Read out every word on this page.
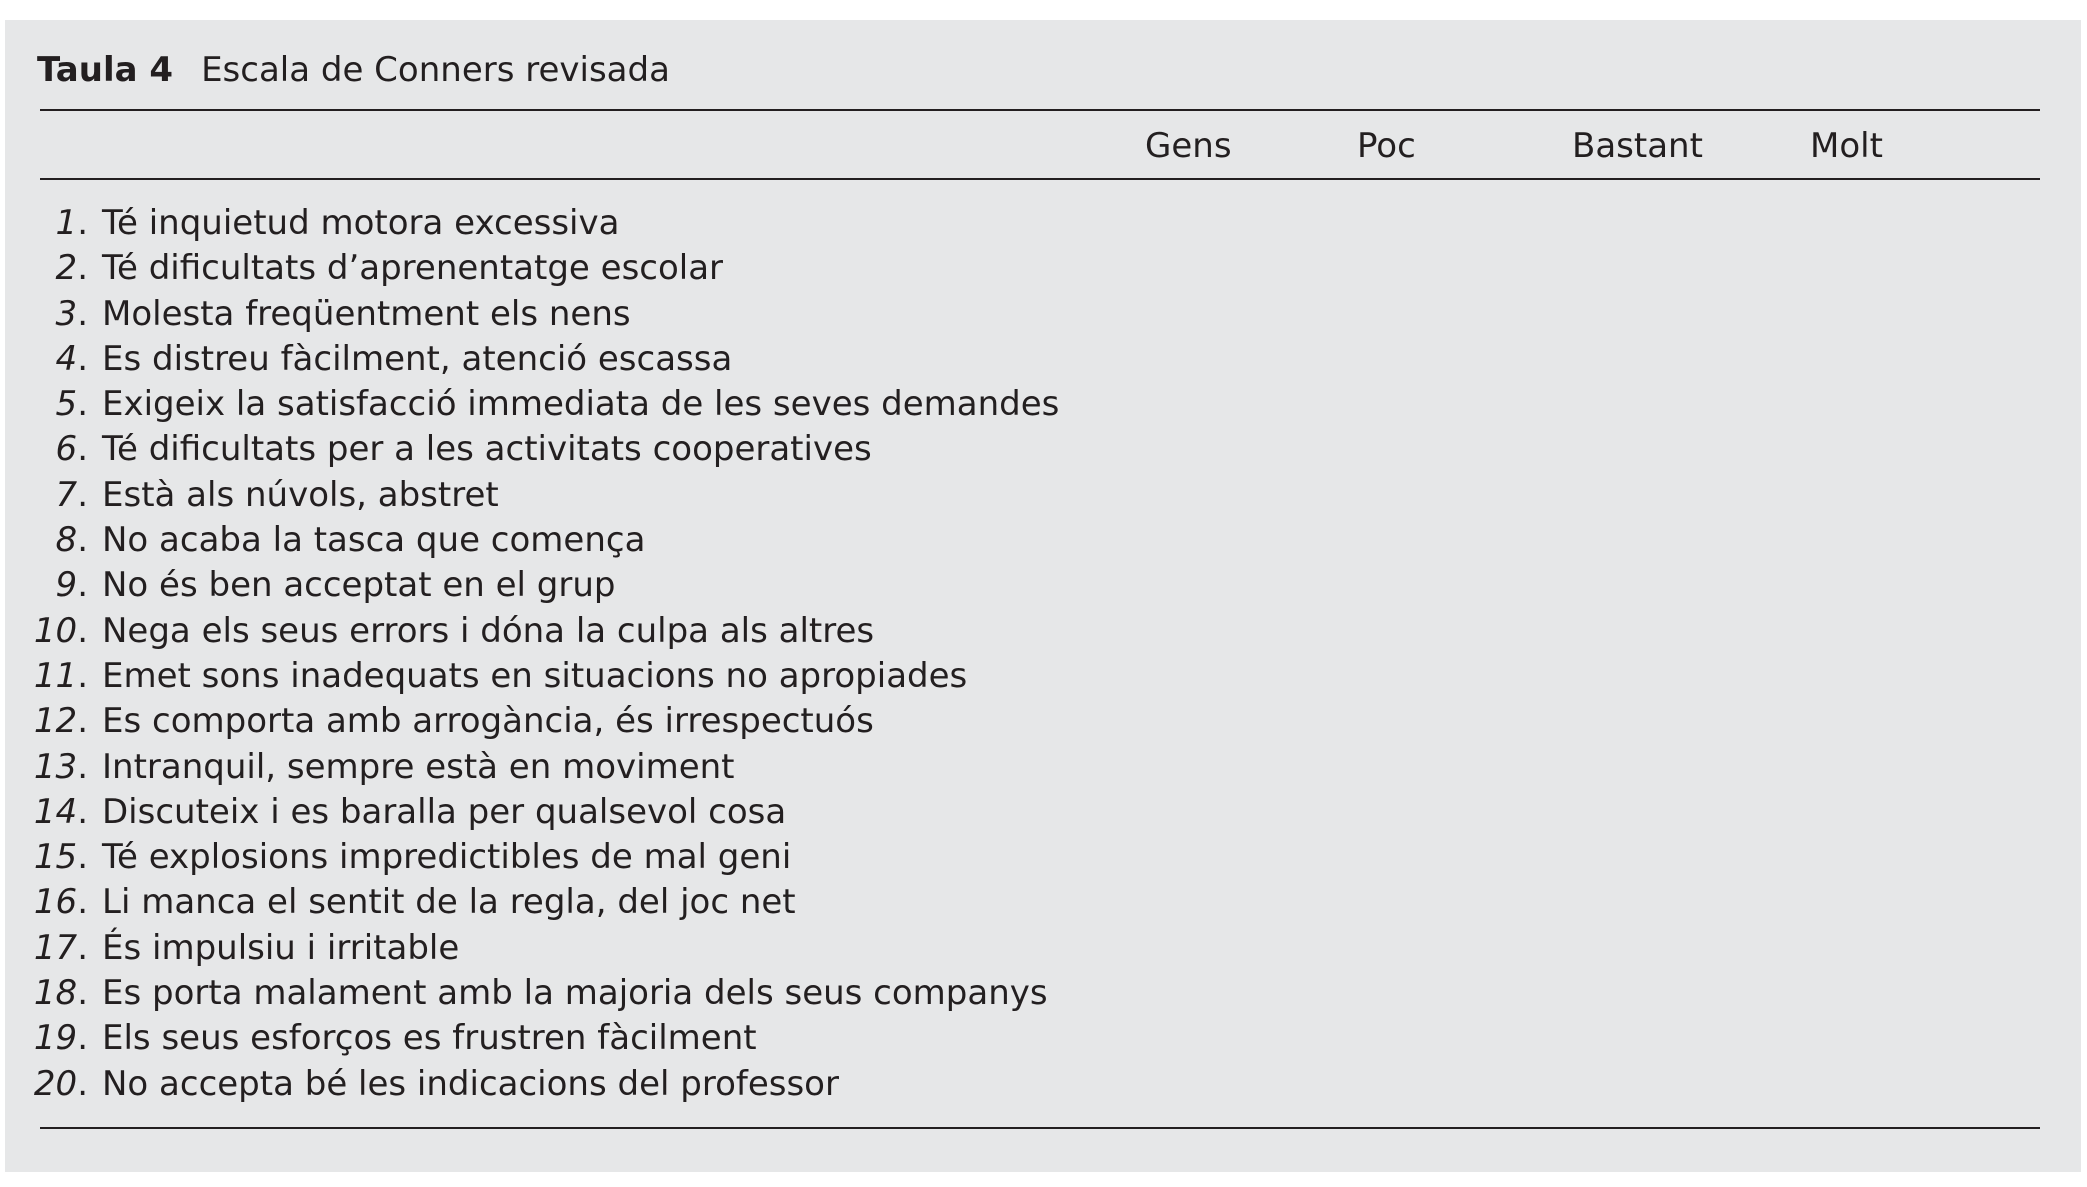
Taula 4 Escala de Conners revisada
Gens	Poc	Bastant	Molt
1. Té inquietud motora excessiva
2. Té dificultats d’aprenentatge escolar
3. Molesta freqüentment els nens
4. Es distreu fàcilment, atenció escassa
5. Exigeix la satisfacció immediata de les seves demandes
6. Té dificultats per a les activitats cooperatives
7. Està als núvols, abstret
8. No acaba la tasca que comença
9. No és ben acceptat en el grup
10. Nega els seus errors i dóna la culpa als altres
11. Emet sons inadequats en situacions no apropiades
12. Es comporta amb arrogància, és irrespectuós
13. Intranquil, sempre està en moviment
14. Discuteix i es baralla per qualsevol cosa
15. Té explosions impredictibles de mal geni
16. Li manca el sentit de la regla, del joc net
17. És impulsiu i irritable
18. Es porta malament amb la majoria dels seus companys
19. Els seus esforços es frustren fàcilment
20. No accepta bé les indicacions del professor
